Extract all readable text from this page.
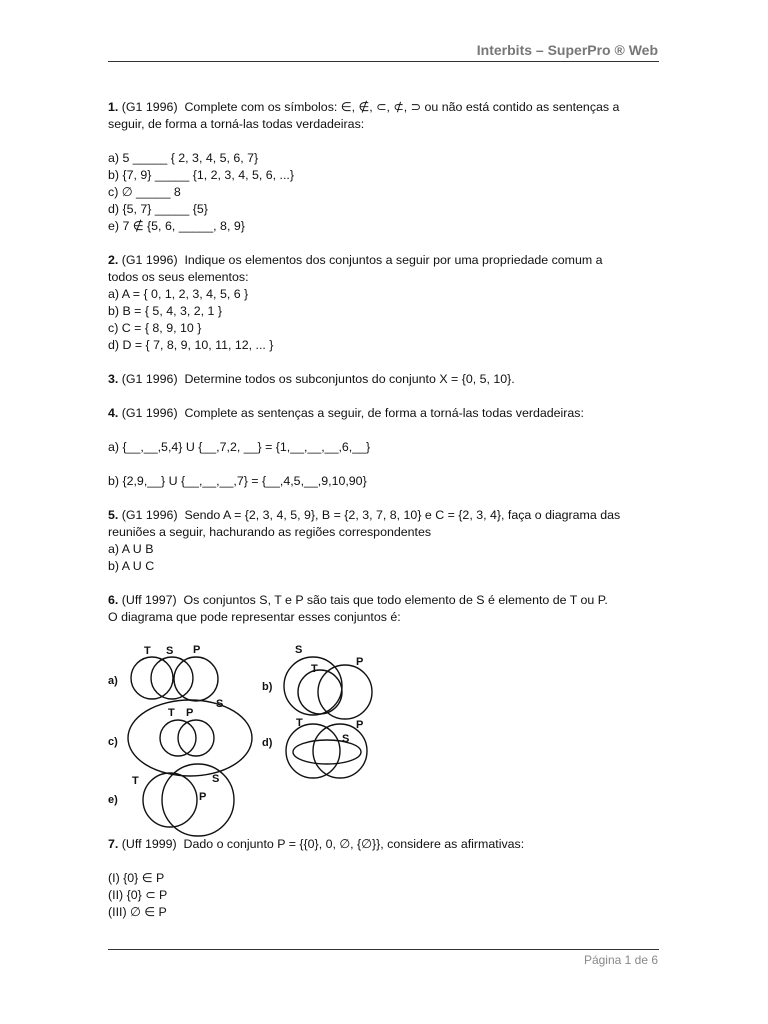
Interbits – SuperPro ® Web
1. (G1 1996)  Complete com os símbolos: ∈, ∉, ⊂, ⊄, ⊃ ou não está contido as sentenças a
seguir, de forma a torná-las todas verdadeiras:
a) 5 _____ { 2, 3, 4, 5, 6, 7}
b) {7, 9} _____ {1, 2, 3, 4, 5, 6, ...}
c) ∅ _____ 8
d) {5, 7} _____ {5}
e) 7 ∉ {5, 6, _____, 8, 9}
2. (G1 1996)  Indique os elementos dos conjuntos a seguir por uma propriedade comum a
todos os seus elementos:
a) A = { 0, 1, 2, 3, 4, 5, 6 }
b) B = { 5, 4, 3, 2, 1 }
c) C = { 8, 9, 10 }
d) D = { 7, 8, 9, 10, 11, 12, ... }
3. (G1 1996)  Determine todos os subconjuntos do conjunto X = {0, 5, 10}.
4. (G1 1996)  Complete as sentenças a seguir, de forma a torná-las todas verdadeiras:
a) {__,__,5,4} U {__,7,2, __} = {1,__,__,__,6,__}
b) {2,9,__} U {__,__,__,7} = {__,4,5,__,9,10,90}
5. (G1 1996)  Sendo A = {2, 3, 4, 5, 9}, B = {2, 3, 7, 8, 10} e C = {2, 3, 4}, faça o diagrama das
reuniões a seguir, hachurando as regiões correspondentes
a) A U B
b) A U C
6. (Uff 1997)  Os conjuntos S, T e P são tais que todo elemento de S é elemento de T ou P.
O diagrama que pode representar esses conjuntos é:
a)
T S P
c)
S
T P
e)
T	S
P
b)
S
T
P
d)
T	P
S
7. (Uff 1999)  Dado o conjunto P = {{0}, 0, ∅, {∅}}, considere as afirmativas:
(I) {0} ∈ P
(II) {0} ⊂ P
(III) ∅ ∈ P
Página 1 de 6
